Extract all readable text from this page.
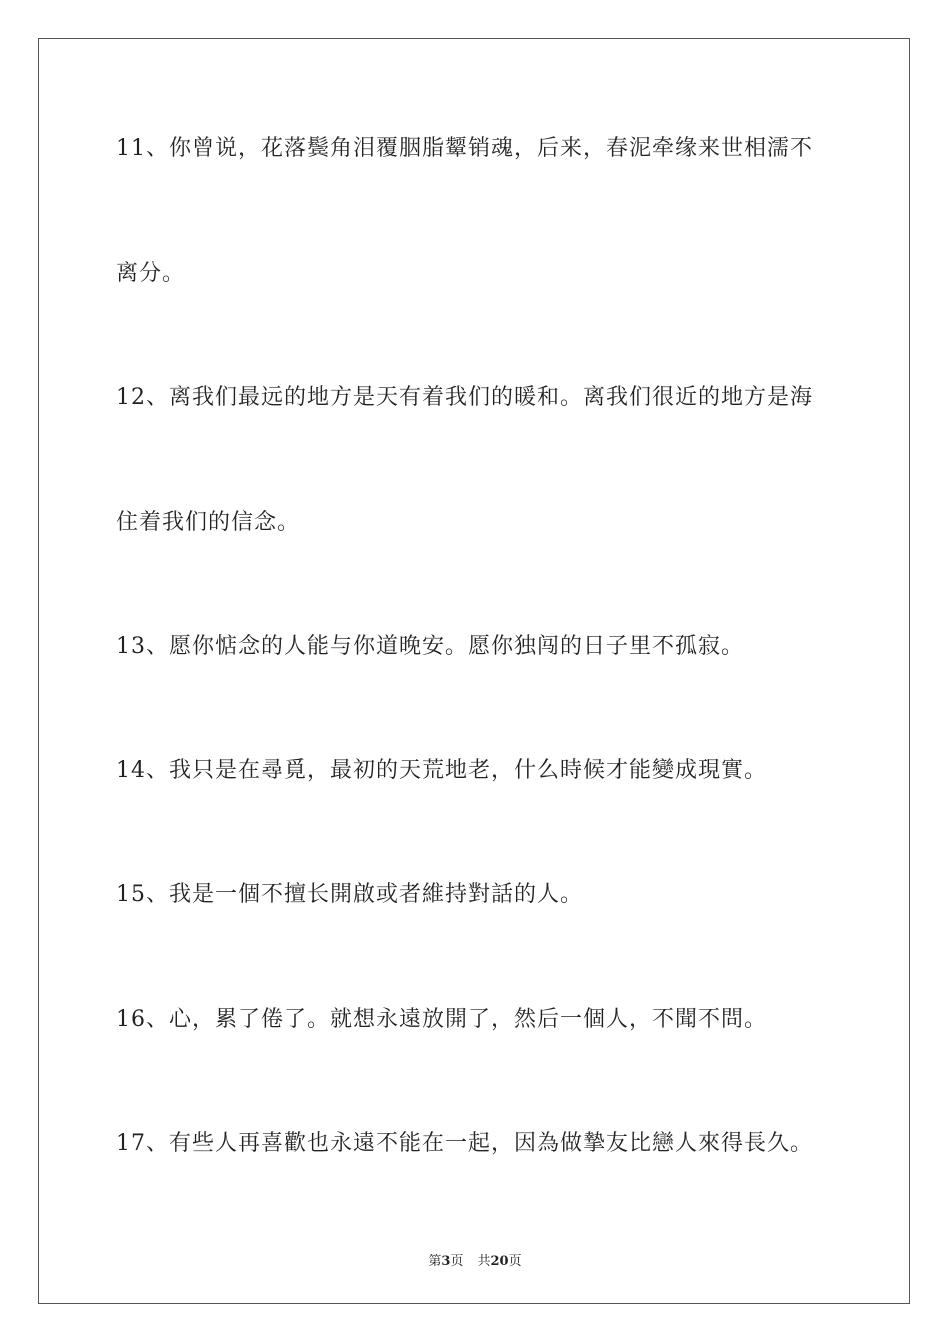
11、你曾说，花落鬓角泪覆胭脂颦销魂，后来，春泥牵缘来世相濡不
离分。
12、离我们最远的地方是天有着我们的暖和。离我们很近的地方是海
住着我们的信念。
13、愿你惦念的人能与你道晚安。愿你独闯的日子里不孤寂。
14、我只是在尋覓，最初的天荒地老，什么時候才能變成現實。
15、我是一個不擅长開啟或者維持對話的人。
16、心，累了倦了。就想永遠放開了，然后一個人，不聞不問。
17、有些人再喜歡也永遠不能在一起，因為做摯友比戀人來得長久。
第3页 共20页
